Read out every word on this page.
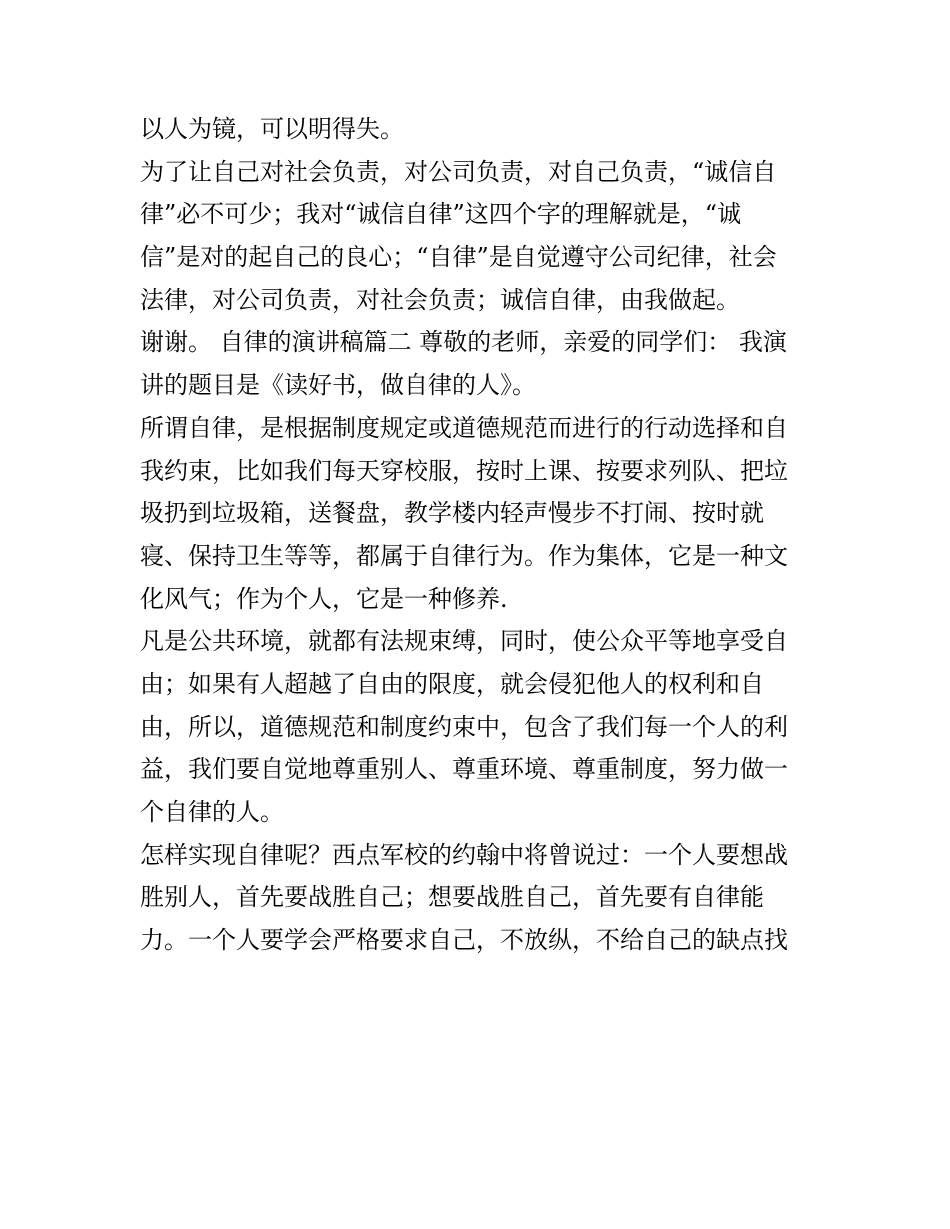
以人为镜，可以明得失。
为了让自己对社会负责，对公司负责，对自己负责，“诚信自
律”必不可少；我对“诚信自律”这四个字的理解就是，“诚
信”是对的起自己的良心；“自律”是自觉遵守公司纪律，社会
法律，对公司负责，对社会负责；诚信自律，由我做起。
谢谢。 自律的演讲稿篇二 尊敬的老师，亲爱的同学们： 我演
讲的题目是《读好书，做自律的人》。
所谓自律，是根据制度规定或道德规范而进行的行动选择和自
我约束，比如我们每天穿校服，按时上课、按要求列队、把垃
圾扔到垃圾箱，送餐盘，教学楼内轻声慢步不打闹、按时就
寝、保持卫生等等，都属于自律行为。作为集体，它是一种文
化风气；作为个人，它是一种修养.
凡是公共环境，就都有法规束缚，同时，使公众平等地享受自
由；如果有人超越了自由的限度，就会侵犯他人的权利和自
由，所以，道德规范和制度约束中，包含了我们每一个人的利
益，我们要自觉地尊重别人、尊重环境、尊重制度，努力做一
个自律的人。
怎样实现自律呢？西点军校的约翰中将曾说过：一个人要想战
胜别人，首先要战胜自己；想要战胜自己，首先要有自律能
力。一个人要学会严格要求自己，不放纵，不给自己的缺点找
